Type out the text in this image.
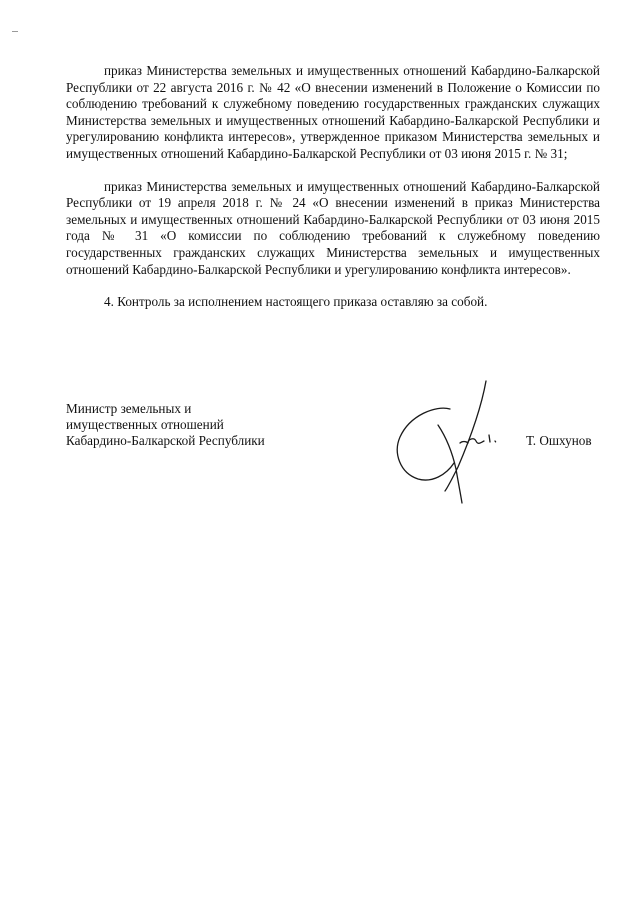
приказ Министерства земельных и имущественных отношений Кабардино-Балкарской Республики от 22 августа 2016 г. № 42 «О внесении изменений в Положение о Комиссии по соблюдению требований к служебному поведению государственных гражданских служащих Министерства земельных и имущественных отношений Кабардино-Балкарской Республики и урегулированию конфликта интересов», утвержденное приказом Министерства земельных и имущественных отношений Кабардино-Балкарской Республики от 03 июня 2015 г. № 31;

приказ Министерства земельных и имущественных отношений Кабардино-Балкарской Республики от 19 апреля 2018 г. № 24 «О внесении изменений в приказ Министерства земельных и имущественных отношений Кабардино-Балкарской Республики от 03 июня 2015 года № 31 «О комиссии по соблюдению требований к служебному поведению государственных гражданских служащих Министерства земельных и имущественных отношений Кабардино-Балкарской Республики и урегулированию конфликта интересов».

4. Контроль за исполнением настоящего приказа оставляю за собой.

Министр земельных и
имущественных отношений
Кабардино-Балкарской Республики	Т. Ошхунов
